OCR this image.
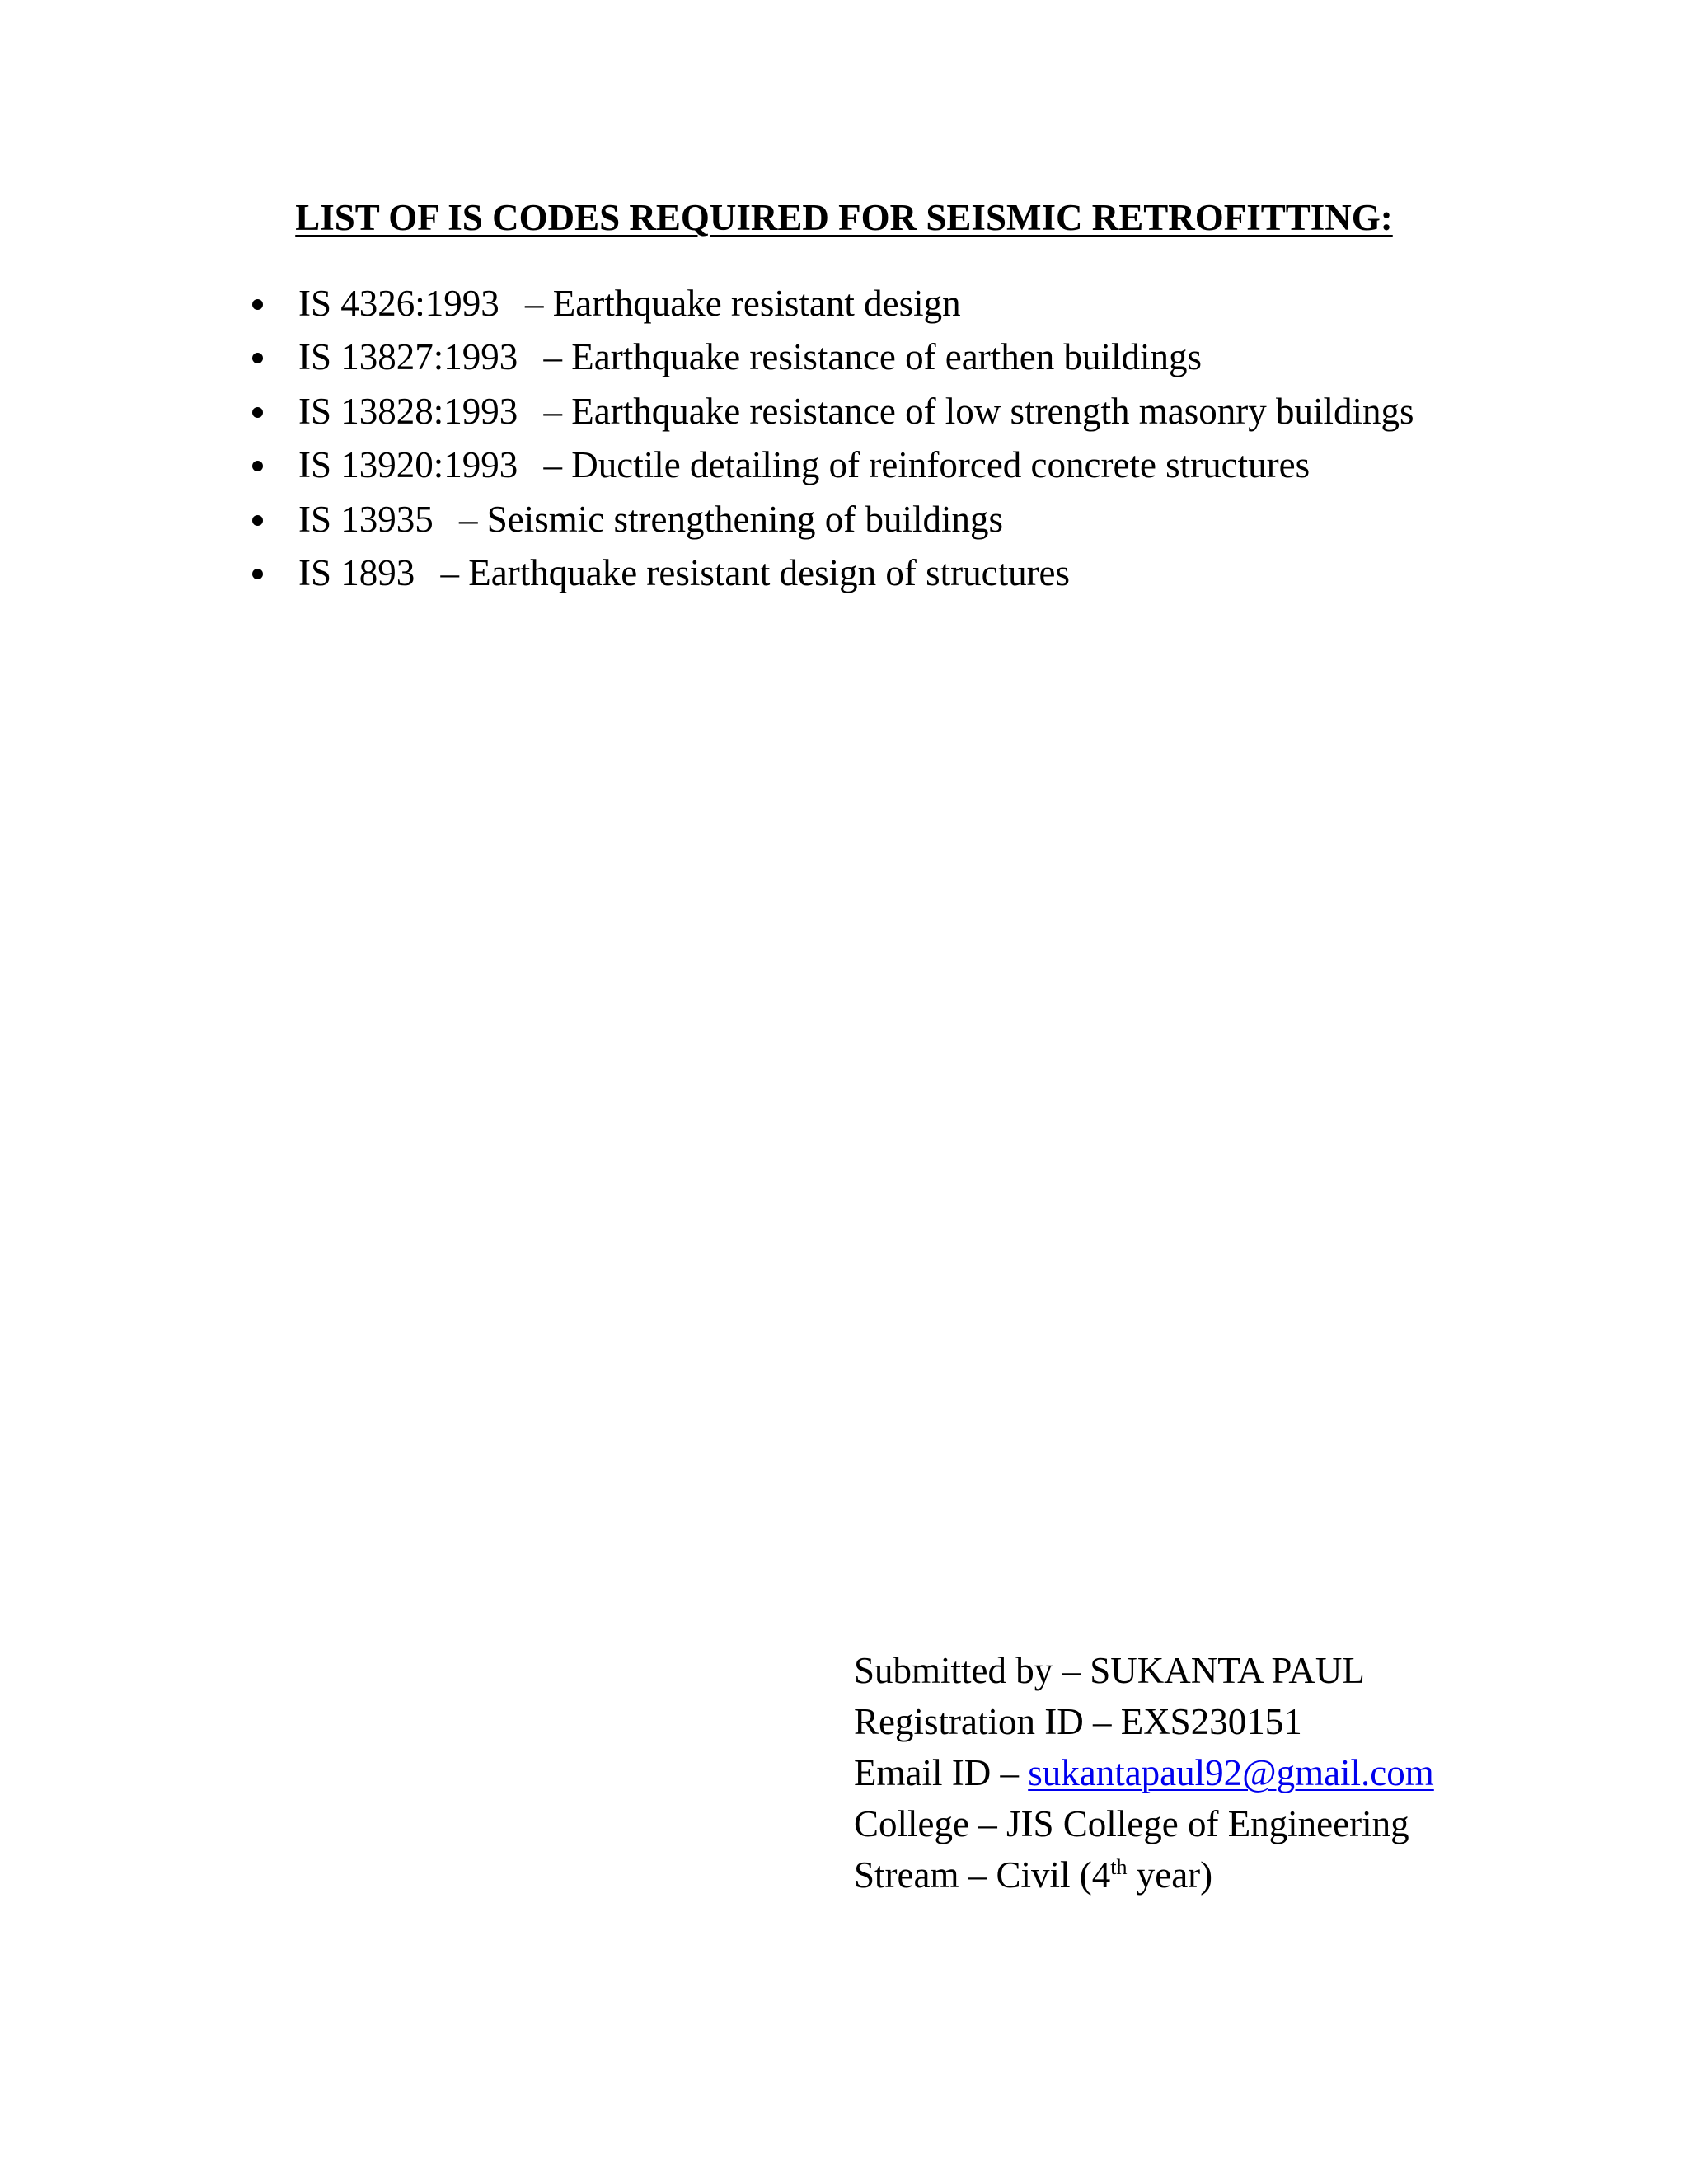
LIST OF IS CODES REQUIRED FOR SEISMIC RETROFITTING:
IS 4326:1993 – Earthquake resistant design
IS 13827:1993 – Earthquake resistance of earthen buildings
IS 13828:1993 – Earthquake resistance of low strength masonry buildings
IS 13920:1993 – Ductile detailing of reinforced concrete structures
IS 13935 – Seismic strengthening of buildings
IS 1893 – Earthquake resistant design of structures
Submitted by – SUKANTA PAUL
Registration ID – EXS230151
Email ID – sukantapaul92@gmail.com
College – JIS College of Engineering
Stream – Civil (4th year)
